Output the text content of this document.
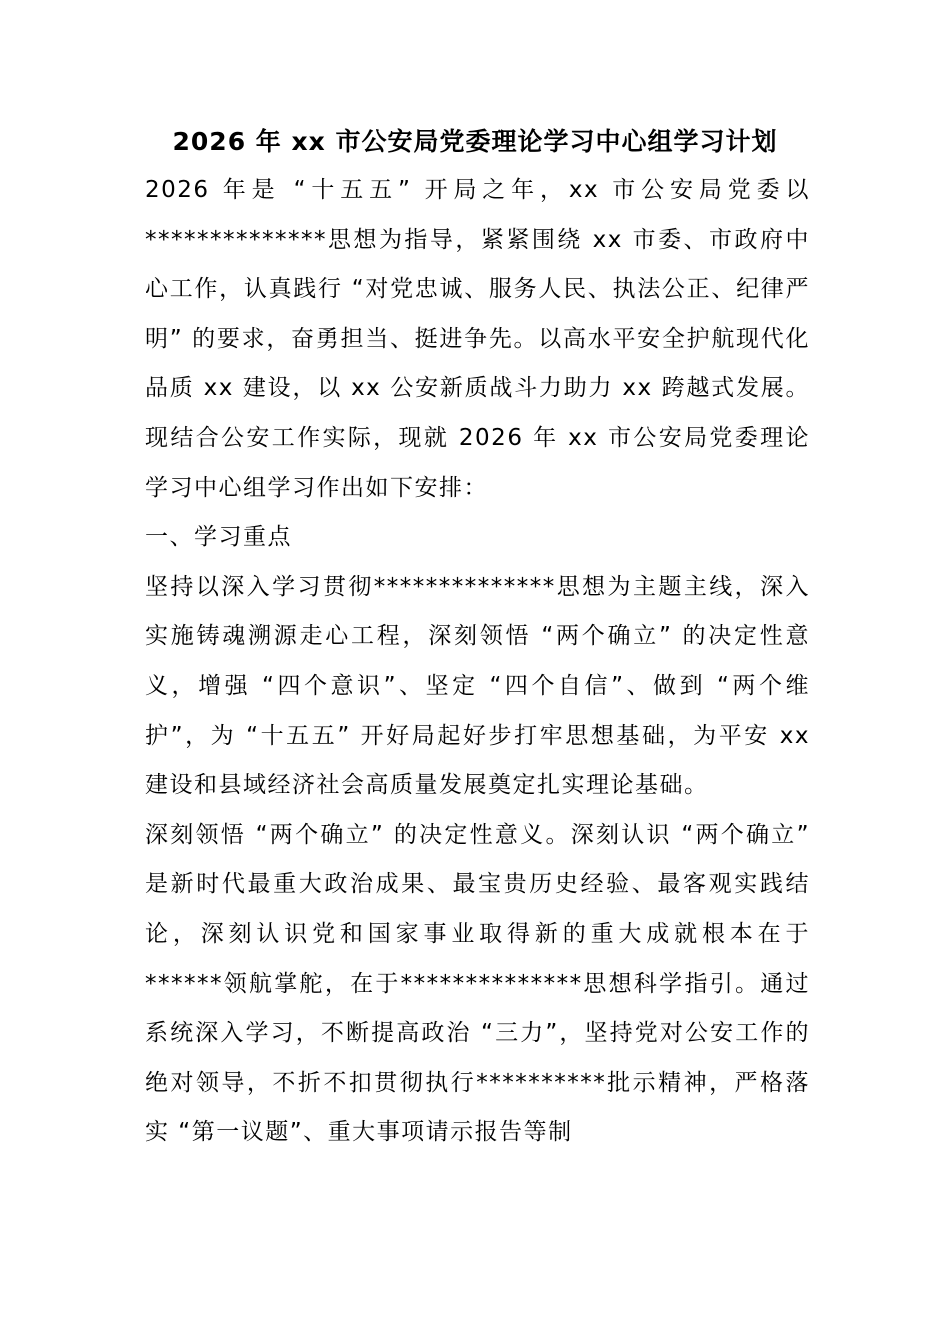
2026 年 xx 市公安局党委理论学习中心组学习计划

2026 年是 “十五五” 开局之年，xx 市公安局党委以**************思想为指导，紧紧围绕 xx 市委、市政府中心工作，认真践行 “对党忠诚、服务人民、执法公正、纪律严明” 的要求，奋勇担当、挺进争先。以高水平安全护航现代化品质 xx 建设，以 xx 公安新质战斗力助力 xx 跨越式发展。现结合公安工作实际，现就 2026 年 xx 市公安局党委理论学习中心组学习作出如下安排：

一、学习重点

坚持以深入学习贯彻**************思想为主题主线，深入实施铸魂溯源走心工程，深刻领悟 “两个确立” 的决定性意义，增强 “四个意识”、坚定 “四个自信”、做到 “两个维护”，为 “十五五” 开好局起好步打牢思想基础，为平安 xx 建设和县域经济社会高质量发展奠定扎实理论基础。

深刻领悟 “两个确立” 的决定性意义。深刻认识 “两个确立” 是新时代最重大政治成果、最宝贵历史经验、最客观实践结论，深刻认识党和国家事业取得新的重大成就根本在于******领航掌舵，在于**************思想科学指引。通过系统深入学习，不断提高政治 “三力”，坚持党对公安工作的绝对领导，不折不扣贯彻执行**********批示精神，严格落实 “第一议题”、重大事项请示报告等制
